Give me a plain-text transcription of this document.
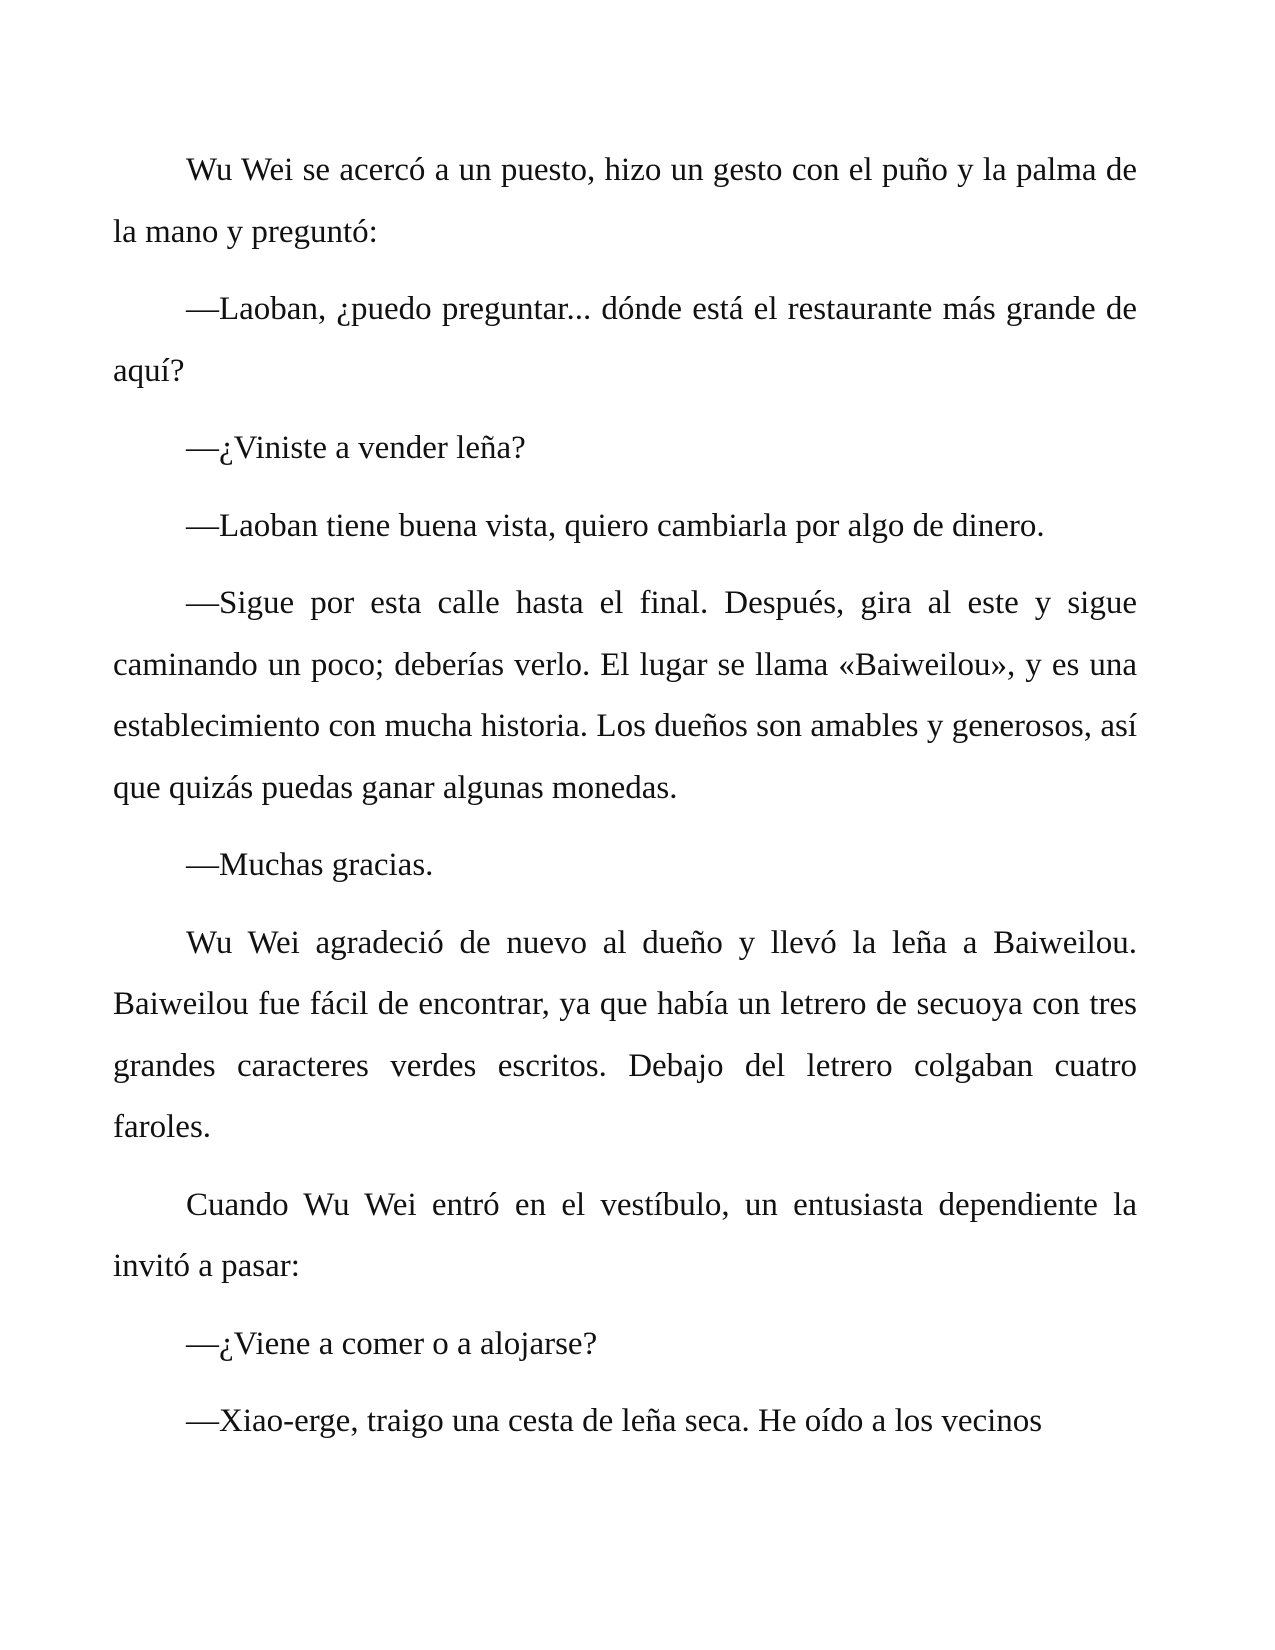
Wu Wei se acercó a un puesto, hizo un gesto con el puño y la palma de la mano y preguntó:

—Laoban, ¿puedo preguntar... dónde está el restaurante más grande de aquí?

—¿Viniste a vender leña?

—Laoban tiene buena vista, quiero cambiarla por algo de dinero.

—Sigue por esta calle hasta el final. Después, gira al este y sigue caminando un poco; deberías verlo. El lugar se llama «Baiweilou», y es una establecimiento con mucha historia. Los dueños son amables y generosos, así que quizás puedas ganar algunas monedas.

—Muchas gracias.

Wu Wei agradeció de nuevo al dueño y llevó la leña a Baiweilou. Baiweilou fue fácil de encontrar, ya que había un letrero de secuoya con tres grandes caracteres verdes escritos. Debajo del letrero colgaban cuatro faroles.

Cuando Wu Wei entró en el vestíbulo, un entusiasta dependiente la invitó a pasar:

—¿Viene a comer o a alojarse?

—Xiao-erge, traigo una cesta de leña seca. He oído a los vecinos
